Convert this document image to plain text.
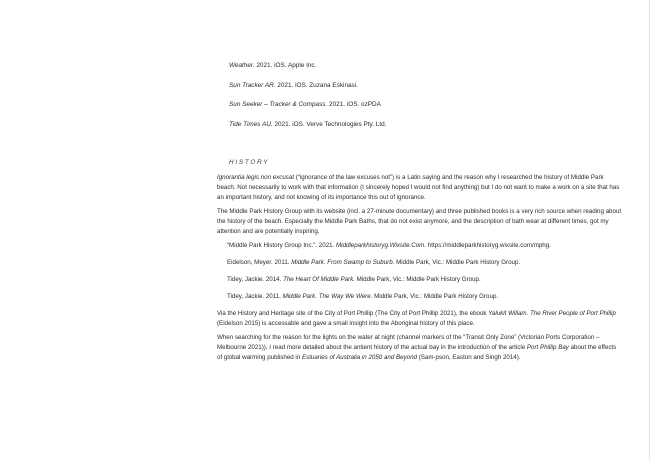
Weather. 2021. iOS. Apple Inc.

Sun Tracker AR. 2021. iOS. Zuzana Eskinasi.

Sun Seeker – Tracker & Compass. 2021. iOS. ozPDA

Tide Times AU. 2021. iOS. Verve Technologies Pty. Ltd.

HISTORY

Ignorantia legis non excusat (“ignorance of the law excuses not”) is a Latin saying and the reason why I researched the history of Middle Park beach. Not necessarily to work with that information (I sincerely hoped I would not find anything) but I do not want to make a work on a site that has an important history, and not knowing of its importance this out of ignorance.

The Middle Park History Group with its website (incl. a 27-minute documentary) and three published books is a very rich source when reading about the history of the beach. Especially the Middle Park Baths, that do not exist anymore, and the description of bath wear at different times, got my attention and are potentially inspiring.

“Middle Park History Group Inc.”. 2021. Middleparkhistoryg.Wixsite.Com. https://middleparkhistoryg.wixsite.com/mphg.

Eidelson, Meyer. 2011. Middle Park. From Swamp to Suburb. Middle Park, Vic.: Middle Park History Group.

Tidey, Jackie. 2014. The Heart Of Middle Park. Middle Park, Vic.: Middle Park History Group.

Tidey, Jackie. 2011. Middle Park. The Way We Were. Middle Park, Vic.: Middle Park History Group.

Via the History and Heritage site of the City of Port Phillip (The City of Port Phillip 2021), the ebook Yalukit Willam. The River People of Port Phillip (Eidelson 2015) is accessable and gave a small insight into the Aboriginal history of this place.

When searching for the reason for the lights on the water at night (channel markers of the “Transit Only Zone” (Victorian Ports Corporation – Melbourne 2021)), I read more detailed about the antient history of the actual bay in the introduction of the article Port Phillip Bay about the effects of global warming published in Estuaries of Australia in 2050 and Beyond (Sam-pson, Easton and Singh 2014).
